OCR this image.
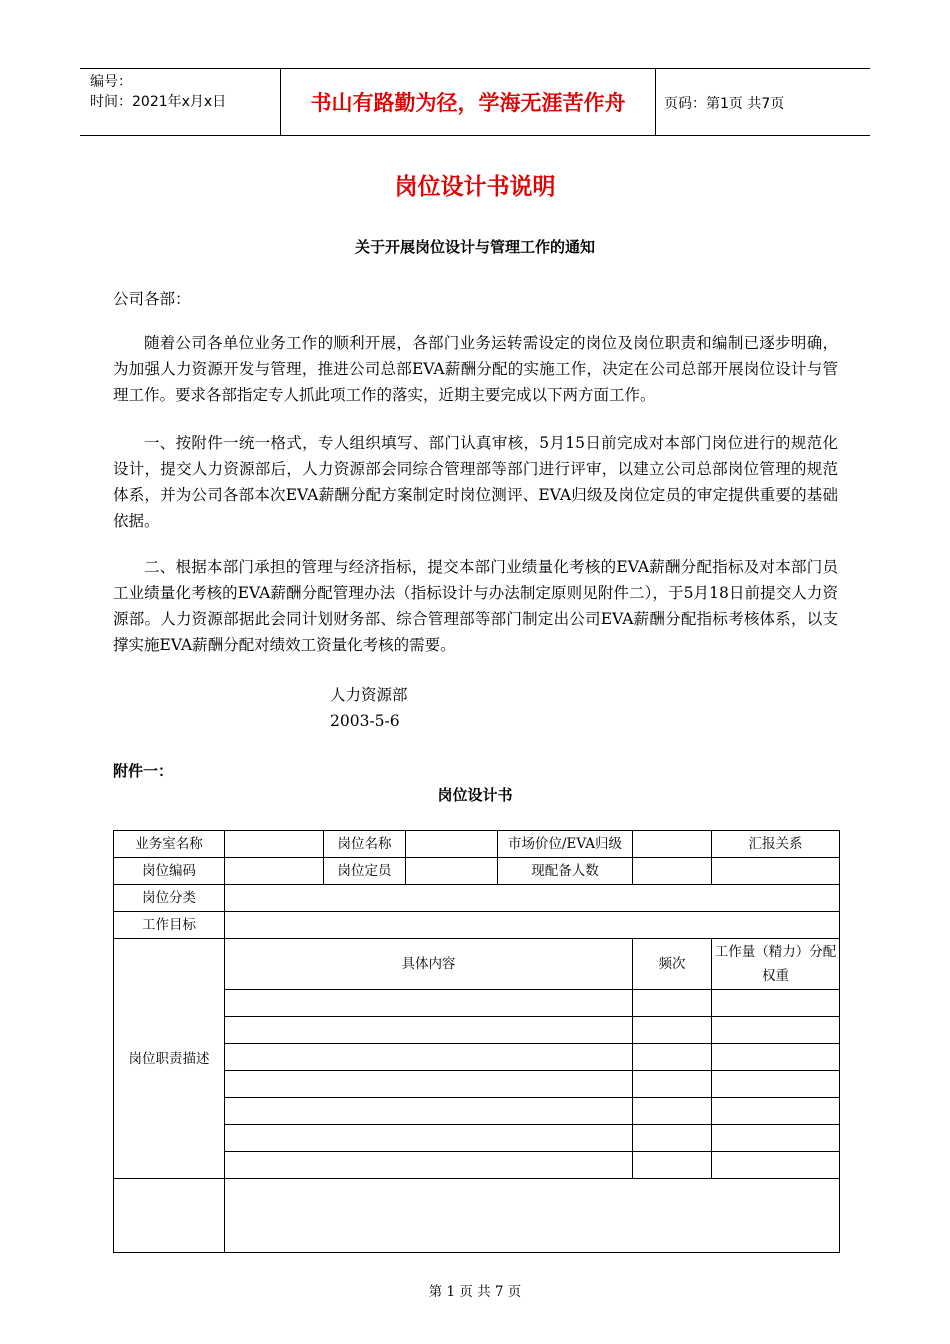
编号：
时间：2021年x月x日	书山有路勤为径，学海无涯苦作舟	页码：第1页 共7页
岗位设计书说明
关于开展岗位设计与管理工作的通知
公司各部：
随着公司各单位业务工作的顺利开展，各部门业务运转需设定的岗位及岗位职责和编制已逐步明确，为加强人力资源开发与管理，推进公司总部EVA薪酬分配的实施工作，决定在公司总部开展岗位设计与管理工作。要求各部指定专人抓此项工作的落实，近期主要完成以下两方面工作。
一、按附件一统一格式，专人组织填写、部门认真审核，5月15日前完成对本部门岗位进行的规范化设计，提交人力资源部后，人力资源部会同综合管理部等部门进行评审，以建立公司总部岗位管理的规范体系，并为公司各部本次EVA薪酬分配方案制定时岗位测评、EVA归级及岗位定员的审定提供重要的基础依据。
二、根据本部门承担的管理与经济指标，提交本部门业绩量化考核的EVA薪酬分配指标及对本部门员工业绩量化考核的EVA薪酬分配管理办法（指标设计与办法制定原则见附件二），于5月18日前提交人力资源部。人力资源部据此会同计划财务部、综合管理部等部门制定出公司EVA薪酬分配指标考核体系，以支撑实施EVA薪酬分配对绩效工资量化考核的需要。
人力资源部
2003-5-6
附件一：
岗位设计书
业务室名称		岗位名称		市场价位/EVA归级		汇报关系
岗位编码		岗位定员		现配备人数		
岗位分类						
工作目标						
岗位职责描述	具体内容				频次	工作量（精力）分配权重

第 1 页 共 7 页
